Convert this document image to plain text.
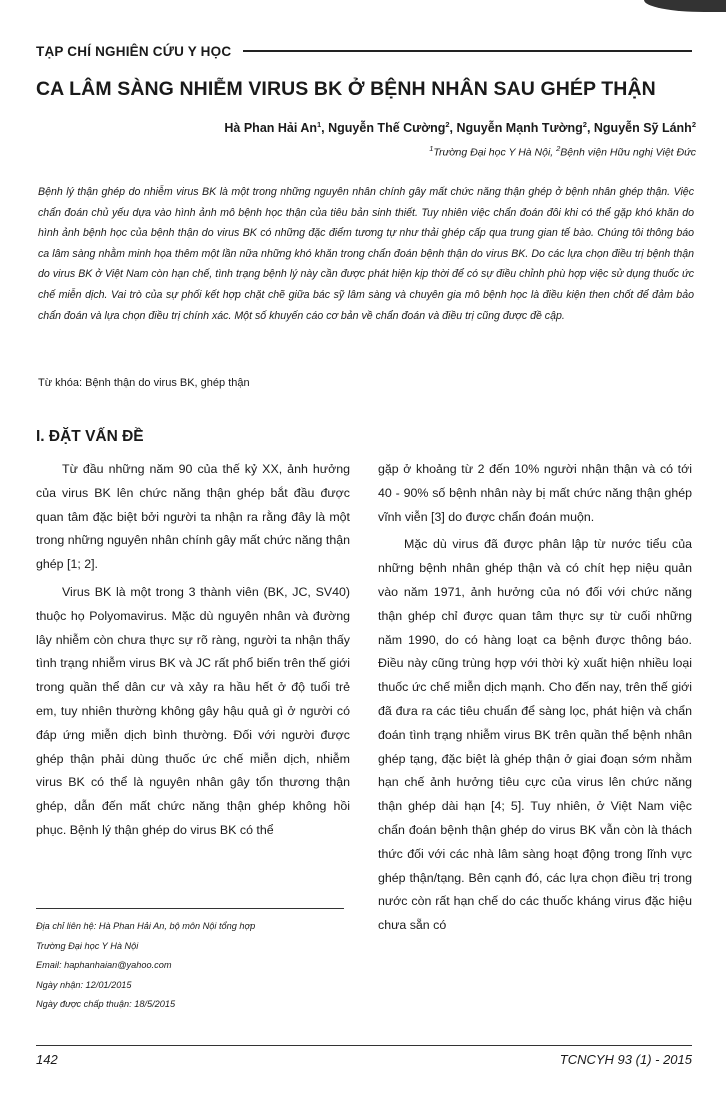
TẠP CHÍ NGHIÊN CỨU Y HỌC
CA LÂM SÀNG NHIỄM VIRUS BK Ở BỆNH NHÂN SAU GHÉP THẬN
Hà Phan Hải An$^1$, Nguyễn Thế Cường$^2$, Nguyễn Mạnh Tường$^2$, Nguyễn Sỹ Lánh$^2$
$^1$Trường Đại học Y Hà Nội, $^2$Bệnh viện Hữu nghị Việt Đức
Bệnh lý thận ghép do nhiễm virus BK là một trong những nguyên nhân chính gây mất chức năng thận ghép ở bệnh nhân ghép thận. Việc chẩn đoán chủ yếu dựa vào hình ảnh mô bệnh học thận của tiêu bản sinh thiết. Tuy nhiên việc chẩn đoán đôi khi có thể gặp khó khăn do hình ảnh bệnh học của bệnh thận do virus BK có những đặc điểm tương tự như thải ghép cấp qua trung gian tế bào. Chúng tôi thông báo ca lâm sàng nhằm minh họa thêm một lần nữa những khó khăn trong chẩn đoán bệnh thận do virus BK. Do các lựa chọn điều trị bệnh thận do virus BK ở Việt Nam còn hạn chế, tình trạng bệnh lý này cần được phát hiện kịp thời để có sự điều chỉnh phù hợp việc sử dụng thuốc ức chế miễn dịch. Vai trò của sự phối kết hợp chặt chẽ giữa bác sỹ lâm sàng và chuyên gia mô bệnh học là điều kiện then chốt để đảm bảo chẩn đoán và lựa chọn điều trị chính xác. Một số khuyến cáo cơ bản về chẩn đoán và điều trị cũng được đề cập.
Từ khóa: Bệnh thận do virus BK, ghép thận
I. ĐẶT VẤN ĐỀ

Từ đầu những năm 90 của thế kỷ XX, ảnh hưởng của virus BK lên chức năng thận ghép bắt đầu được quan tâm đặc biệt bởi người ta nhận ra rằng đây là một trong những nguyên nhân chính gây mất chức năng thận ghép [1; 2].

Virus BK là một trong 3 thành viên (BK, JC, SV40) thuộc họ Polyomavirus. Mặc dù nguyên nhân và đường lây nhiễm còn chưa thực sự rõ ràng, người ta nhận thấy tình trạng nhiễm virus BK và JC rất phổ biến trên thế giới trong quần thể dân cư và xảy ra hầu hết ở độ tuổi trẻ em, tuy nhiên thường không gây hậu quả gì ở người có đáp ứng miễn dịch bình thường. Đối với người được ghép thận phải dùng thuốc ức chế miễn dịch, nhiễm virus BK có thể là nguyên nhân gây tổn thương thận ghép, dẫn đến mất chức năng thận ghép không hồi phục. Bệnh lý thận ghép do virus BK có thể

gặp ở khoảng từ 2 đến 10% người nhận thận và có tới 40 - 90% số bệnh nhân này bị mất chức năng thận ghép vĩnh viễn [3] do được chẩn đoán muộn.

Mặc dù virus đã được phân lập từ nước tiểu của những bệnh nhân ghép thận và có chít hẹp niệu quản vào năm 1971, ảnh hưởng của nó đối với chức năng thận ghép chỉ được quan tâm thực sự từ cuối những năm 1990, do có hàng loạt ca bệnh được thông báo. Điều này cũng trùng hợp với thời kỳ xuất hiện nhiều loại thuốc ức chế miễn dịch mạnh. Cho đến nay, trên thế giới đã đưa ra các tiêu chuẩn để sàng lọc, phát hiện và chẩn đoán tình trạng nhiễm virus BK trên quần thể bệnh nhân ghép tạng, đặc biệt là ghép thận ở giai đoạn sớm nhằm hạn chế ảnh hưởng tiêu cực của virus lên chức năng thận ghép dài hạn [4; 5]. Tuy nhiên, ở Việt Nam việc chẩn đoán bệnh thận ghép do virus BK vẫn còn là thách thức đối với các nhà lâm sàng hoạt động trong lĩnh vực ghép thận/tạng. Bên cạnh đó, các lựa chọn điều trị trong nước còn rất hạn chế do các thuốc kháng virus đặc hiệu chưa sẵn có

Địa chỉ liên hệ: Hà Phan Hải An, bộ môn Nội tổng hợp
Trường Đại học Y Hà Nội
Email: haphanhaian@yahoo.com
Ngày nhận: 12/01/2015
Ngày được chấp thuận: 18/5/2015
142	TCNCYH 93 (1) - 2015
